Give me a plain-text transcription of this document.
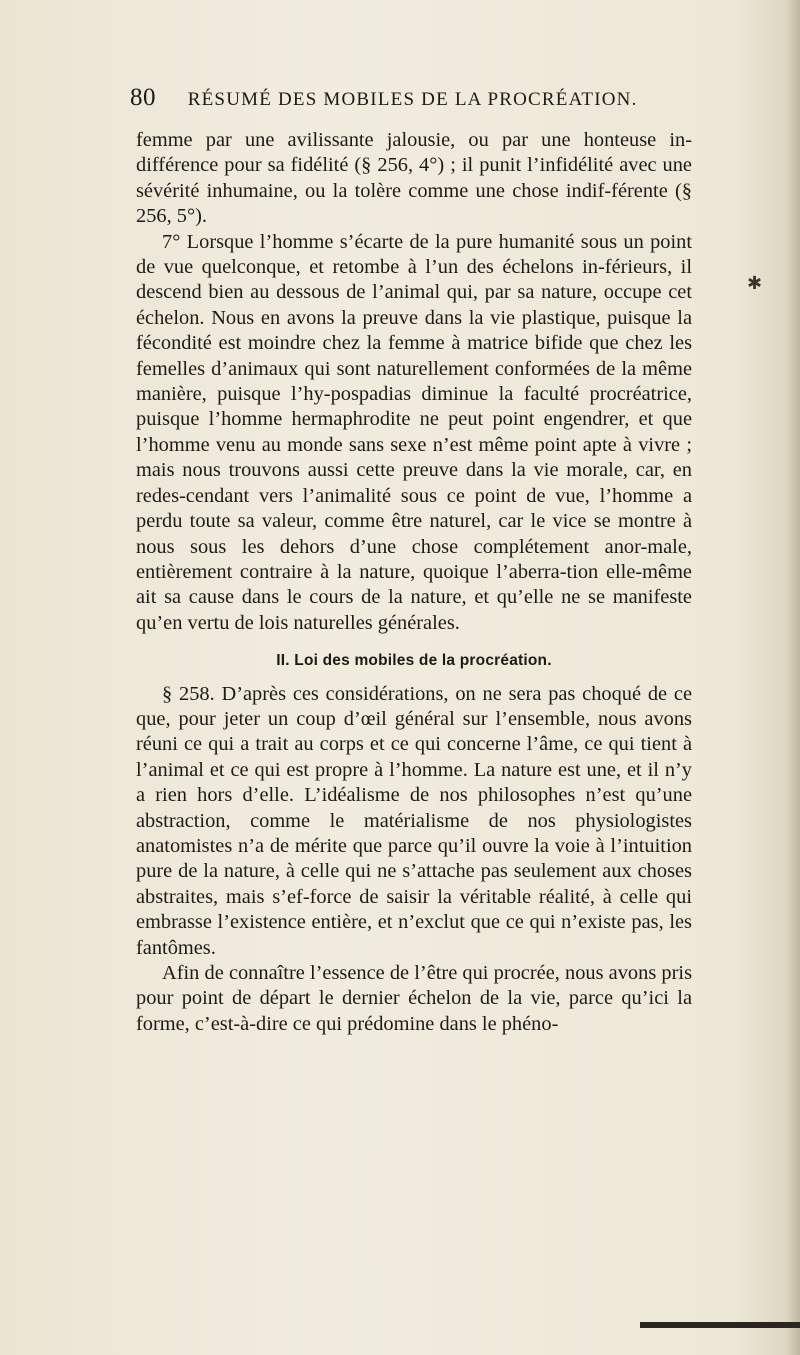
80 RÉSUMÉ DES MOBILES DE LA PROCRÉATION.
✱

femme par une avilissante jalousie, ou par une honteuse in-différence pour sa fidélité (§ 256, 4°) ; il punit l’infidélité avec une sévérité inhumaine, ou la tolère comme une chose indif-férente (§ 256, 5°).

7° Lorsque l’homme s’écarte de la pure humanité sous un point de vue quelconque, et retombe à l’un des échelons in-férieurs, il descend bien au dessous de l’animal qui, par sa nature, occupe cet échelon. Nous en avons la preuve dans la vie plastique, puisque la fécondité est moindre chez la femme à matrice bifide que chez les femelles d’animaux qui sont naturellement conformées de la même manière, puisque l’hy-pospadias diminue la faculté procréatrice, puisque l’homme hermaphrodite ne peut point engendrer, et que l’homme venu au monde sans sexe n’est même point apte à vivre ; mais nous trouvons aussi cette preuve dans la vie morale, car, en redes-cendant vers l’animalité sous ce point de vue, l’homme a perdu toute sa valeur, comme être naturel, car le vice se montre à nous sous les dehors d’une chose complétement anor-male, entièrement contraire à la nature, quoique l’aberra-tion elle-même ait sa cause dans le cours de la nature, et qu’elle ne se manifeste qu’en vertu de lois naturelles générales.

II. Loi des mobiles de la procréation.

§ 258. D’après ces considérations, on ne sera pas choqué de ce que, pour jeter un coup d’œil général sur l’ensemble, nous avons réuni ce qui a trait au corps et ce qui concerne l’âme, ce qui tient à l’animal et ce qui est propre à l’homme. La nature est une, et il n’y a rien hors d’elle. L’idéalisme de nos philosophes n’est qu’une abstraction, comme le matérialisme de nos physiologistes anatomistes n’a de mérite que parce qu’il ouvre la voie à l’intuition pure de la nature, à celle qui ne s’attache pas seulement aux choses abstraites, mais s’ef-force de saisir la véritable réalité, à celle qui embrasse l’existence entière, et n’exclut que ce qui n’existe pas, les fantômes.

Afin de connaître l’essence de l’être qui procrée, nous avons pris pour point de départ le dernier échelon de la vie, parce qu’ici la forme, c’est-à-dire ce qui prédomine dans le phéno-
